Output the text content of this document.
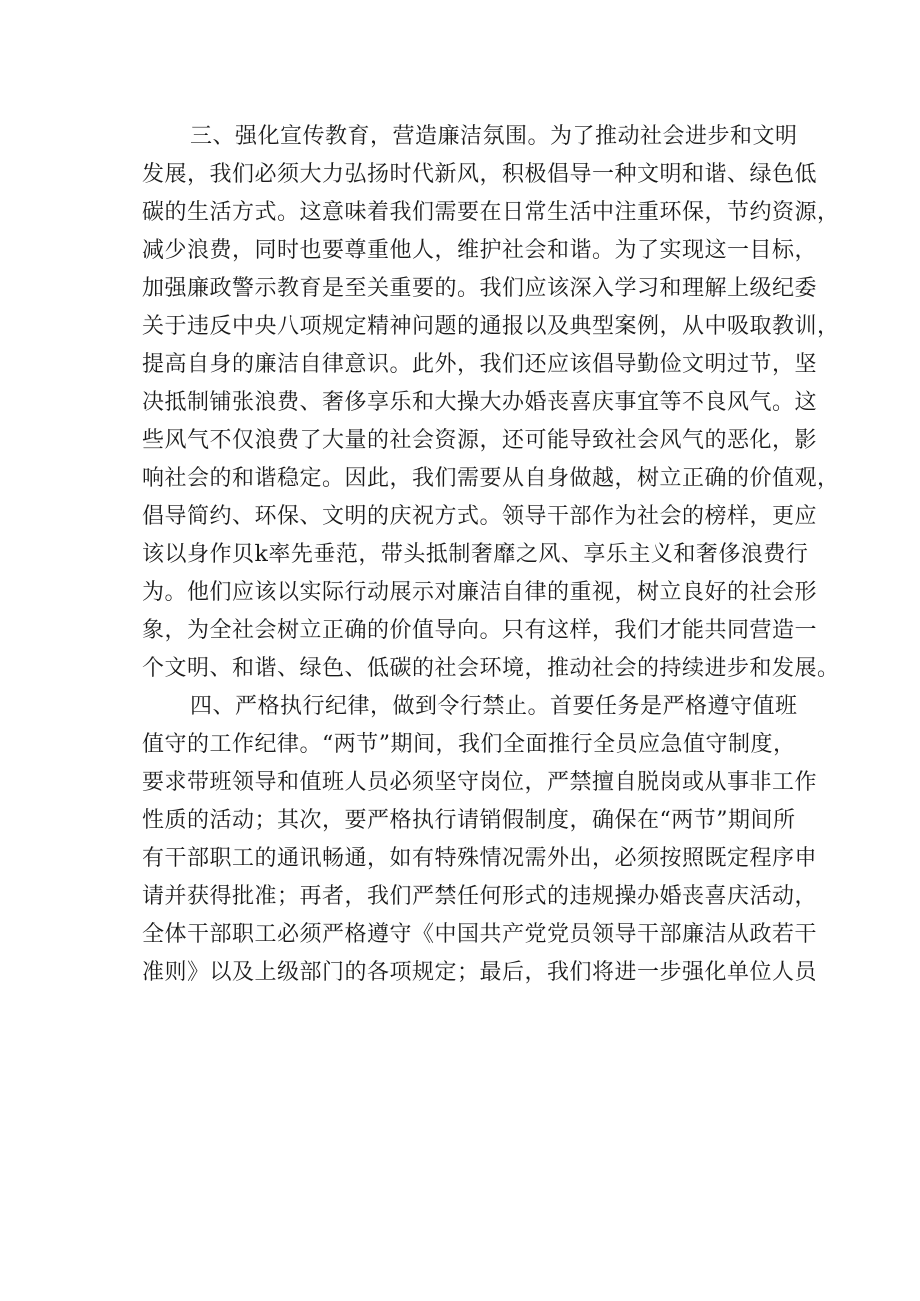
三、强化宣传教育，营造廉洁氛围。为了推动社会进步和文明
发展，我们必须大力弘扬时代新风，积极倡导一种文明和谐、绿色低
碳的生活方式。这意味着我们需要在日常生活中注重环保，节约资源，
减少浪费，同时也要尊重他人，维护社会和谐。为了实现这一目标，
加强廉政警示教育是至关重要的。我们应该深入学习和理解上级纪委
关于违反中央八项规定精神问题的通报以及典型案例，从中吸取教训，
提高自身的廉洁自律意识。此外，我们还应该倡导勤俭文明过节，坚
决抵制铺张浪费、奢侈享乐和大操大办婚丧喜庆事宜等不良风气。这
些风气不仅浪费了大量的社会资源，还可能导致社会风气的恶化，影
响社会的和谐稳定。因此，我们需要从自身做越，树立正确的价值观，
倡导简约、环保、文明的庆祝方式。领导干部作为社会的榜样，更应
该以身作贝k率先垂范，带头抵制奢靡之风、享乐主义和奢侈浪费行
为。他们应该以实际行动展示对廉洁自律的重视，树立良好的社会形
象，为全社会树立正确的价值导向。只有这样，我们才能共同营造一
个文明、和谐、绿色、低碳的社会环境，推动社会的持续进步和发展。
四、严格执行纪律，做到令行禁止。首要任务是严格遵守值班
值守的工作纪律。“两节”期间，我们全面推行全员应急值守制度，
要求带班领导和值班人员必须坚守岗位，严禁擅自脱岗或从事非工作
性质的活动；其次，要严格执行请销假制度，确保在“两节”期间所
有干部职工的通讯畅通，如有特殊情况需外出，必须按照既定程序申
请并获得批准；再者，我们严禁任何形式的违规操办婚丧喜庆活动，
全体干部职工必须严格遵守《中国共产党党员领导干部廉洁从政若干
准则》以及上级部门的各项规定；最后，我们将进一步强化单位人员
